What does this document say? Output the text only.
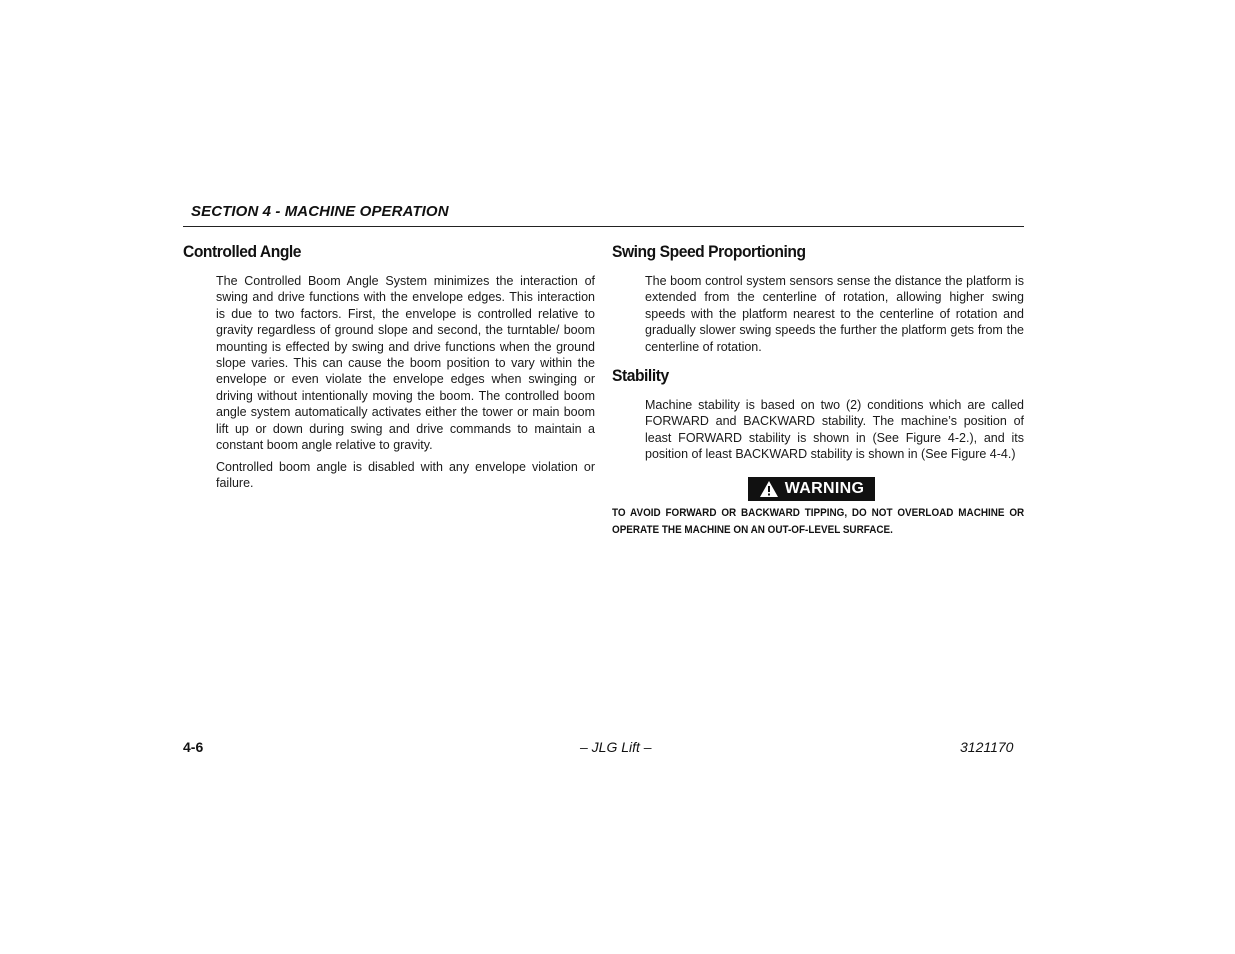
SECTION 4 - MACHINE OPERATION
Controlled Angle

The Controlled Boom Angle System minimizes the interaction of swing and drive functions with the envelope edges. This interaction is due to two factors. First, the envelope is controlled relative to gravity regardless of ground slope and second, the turntable/ boom mounting is effected by swing and drive functions when the ground slope varies. This can cause the boom position to vary within the envelope or even violate the envelope edges when swinging or driving without intentionally moving the boom. The controlled boom angle system automatically activates either the tower or main boom lift up or down during swing and drive commands to maintain a constant boom angle relative to gravity.

Controlled boom angle is disabled with any envelope violation or failure.

Swing Speed Proportioning

The boom control system sensors sense the distance the platform is extended from the centerline of rotation, allowing higher swing speeds with the platform nearest to the centerline of rotation and gradually slower swing speeds the further the platform gets from the centerline of rotation.

Stability

Machine stability is based on two (2) conditions which are called FORWARD and BACKWARD stability. The machine’s position of least FORWARD stability is shown in (See Figure 4-2.), and its position of least BACKWARD stability is shown in (See Figure 4-4.)

WARNING

TO AVOID FORWARD OR BACKWARD TIPPING, DO NOT OVERLOAD MACHINE OR OPERATE THE MACHINE ON AN OUT-OF-LEVEL SURFACE.

4-6	– JLG Lift –	3121170
